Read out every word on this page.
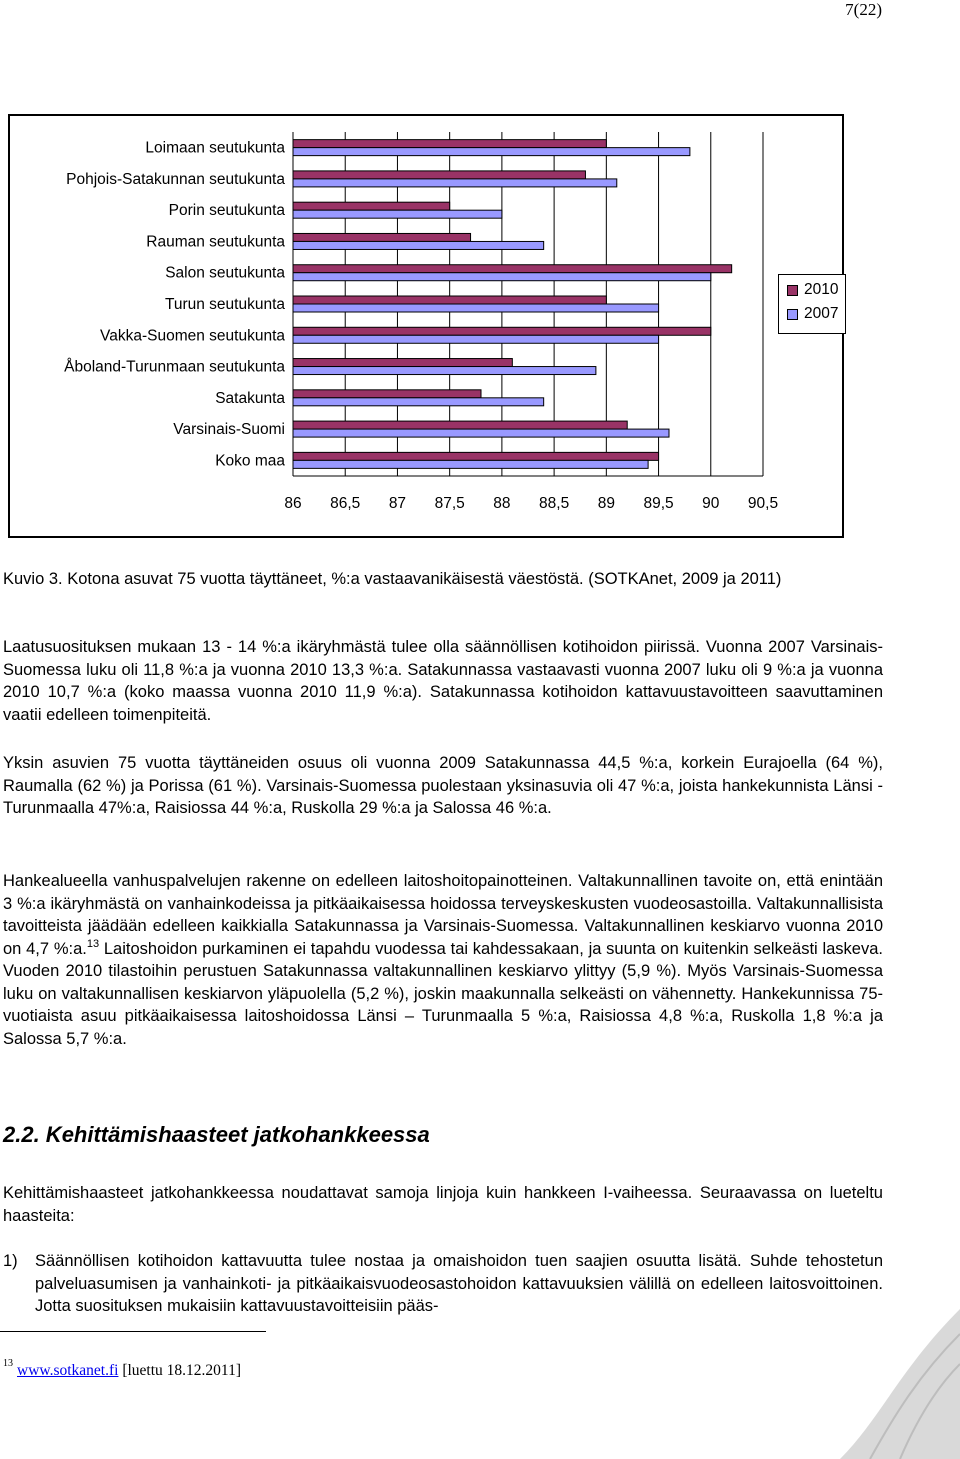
7(22)
Loimaan seutukunta
Pohjois-Satakunnan seutukunta
Porin seutukunta
Rauman seutukunta
Salon seutukunta
Turun seutukunta
Vakka-Suomen seutukunta
Åboland-Turunmaan seutukunta
Satakunta
Varsinais-Suomi
Koko maa
86 86,5 87 87,5 88 88,5 89 89,5 90 90,5
2010
2007

Kuvio 3. Kotona asuvat 75 vuotta täyttäneet, %:a vastaavanikäisestä väestöstä. (SOTKAnet, 2009 ja 2011)

Laatusuosituksen mukaan 13 - 14 %:a ikäryhmästä tulee olla säännöllisen kotihoidon piirissä. Vuonna 2007 Varsinais-Suomessa luku oli 11,8 %:a ja vuonna 2010 13,3 %:a. Satakunnassa vastaavasti vuonna 2007 luku oli 9 %:a ja vuonna 2010 10,7 %:a (koko maassa vuonna 2010 11,9 %:a). Satakunnassa kotihoidon kattavuustavoitteen saavuttaminen vaatii edelleen toimenpiteitä.

Yksin asuvien 75 vuotta täyttäneiden osuus oli vuonna 2009 Satakunnassa 44,5 %:a, korkein Eurajoella (64 %), Raumalla (62 %) ja Porissa (61 %). Varsinais-Suomessa puolestaan yksinasuvia oli 47 %:a, joista hankekunnista Länsi -Turunmaalla 47%:a, Raisiossa 44 %:a, Ruskolla 29 %:a ja Salossa 46 %:a.

Hankealueella vanhuspalvelujen rakenne on edelleen laitoshoitopainotteinen. Valtakunnallinen tavoite on, että enintään 3 %:a ikäryhmästä on vanhainkodeissa ja pitkäaikaisessa hoidossa terveyskeskusten vuodeosastoilla. Valtakunnallisista tavoitteista jäädään edelleen kaikkialla Satakunnassa ja Varsinais-Suomessa. Valtakunnallinen keskiarvo vuonna 2010 on 4,7 %:a.$^{13}$ Laitoshoidon purkaminen ei tapahdu vuodessa tai kahdessakaan, ja suunta on kuitenkin selkeästi laskeva. Vuoden 2010 tilastoihin perustuen Satakunnassa valtakunnallinen keskiarvo ylittyy (5,9 %). Myös Varsinais-Suomessa luku on valtakunnallisen keskiarvon yläpuolella (5,2 %), joskin maakunnalla selkeästi on vähennetty. Hankekunnissa 75-vuotiaista asuu pitkäaikaisessa laitoshoidossa Länsi – Turunmaalla 5 %:a, Raisiossa 4,8 %:a, Ruskolla 1,8 %:a ja Salossa 5,7 %:a.

2.2. Kehittämishaasteet jatkohankkeessa

Kehittämishaasteet jatkohankkeessa noudattavat samoja linjoja kuin hankkeen I-vaiheessa. Seuraavassa on lueteltu haasteita:

1) Säännöllisen kotihoidon kattavuutta tulee nostaa ja omaishoidon tuen saajien osuutta lisätä. Suhde tehostetun palveluasumisen ja vanhainkoti- ja pitkäaikaisvuodeosastohoidon kattavuuksien välillä on edelleen laitosvoittoinen. Jotta suosituksen mukaisiin kattavuustavoitteisiin pääs-
$^{13}$ www.sotkanet.fi [luettu 18.12.2011]
